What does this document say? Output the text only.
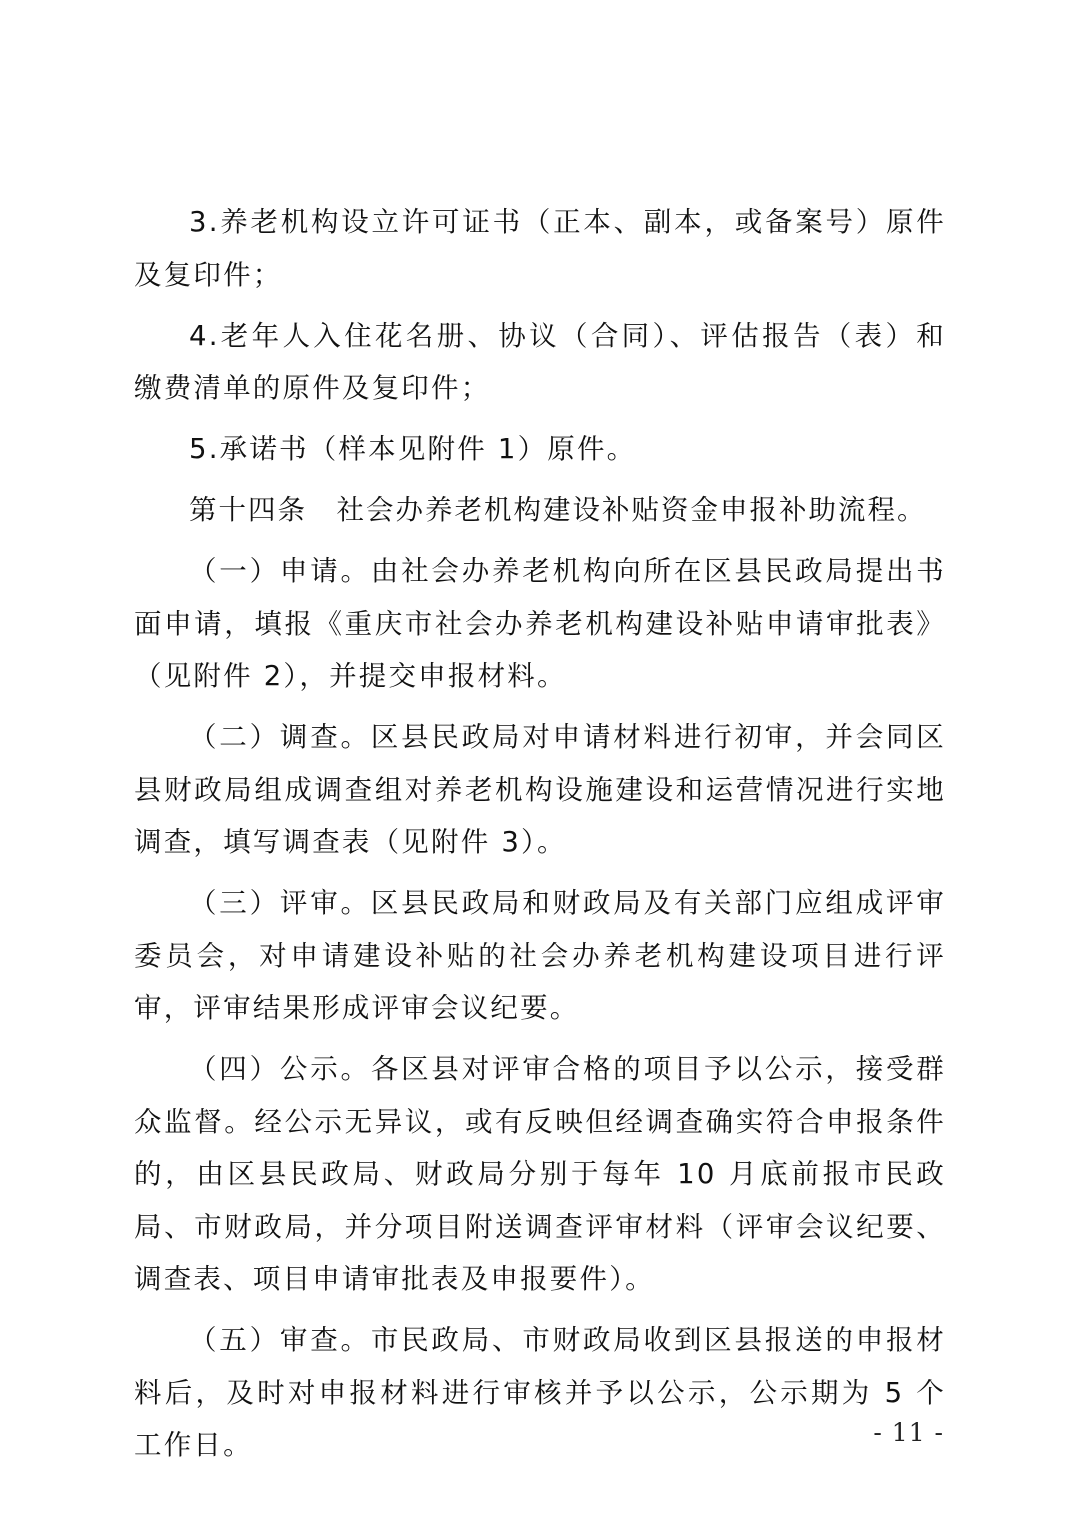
3.养老机构设立许可证书（正本、副本，或备案号）原件及复印件；

4.老年人入住花名册、协议（合同）、评估报告（表）和缴费清单的原件及复印件；

5.承诺书（样本见附件 1）原件。

第十四条　社会办养老机构建设补贴资金申报补助流程。

（一）申请。由社会办养老机构向所在区县民政局提出书面申请，填报《重庆市社会办养老机构建设补贴申请审批表》（见附件 2），并提交申报材料。

（二）调查。区县民政局对申请材料进行初审，并会同区县财政局组成调查组对养老机构设施建设和运营情况进行实地调查，填写调查表（见附件 3）。

（三）评审。区县民政局和财政局及有关部门应组成评审委员会，对申请建设补贴的社会办养老机构建设项目进行评审，评审结果形成评审会议纪要。

（四）公示。各区县对评审合格的项目予以公示，接受群众监督。经公示无异议，或有反映但经调查确实符合申报条件的，由区县民政局、财政局分别于每年 10 月底前报市民政局、市财政局，并分项目附送调查评审材料（评审会议纪要、调查表、项目申请审批表及申报要件）。

（五）审查。市民政局、市财政局收到区县报送的申报材料后，及时对申报材料进行审核并予以公示，公示期为 5 个工作日。	- 11 -
